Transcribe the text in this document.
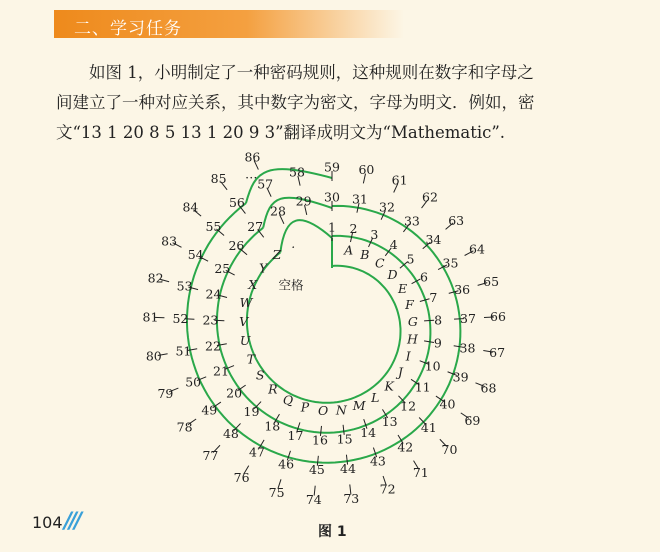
二、学习任务
如图 1，小明制定了一种密码规则，这种规则在数字和字母之
间建立了一种对应关系，其中数字为密文，字母为明文．例如，密
文“13 1 20 8 5 13 1 20 9 3”翻译成明文为“Mathematic”.
1 2 3
4
5
6
7
8
9
10
11
12
13
14
15
16
17
18
19
20
21
22
23
24
25
26
27
28
29 30 31
32
33
34
35
36
37
38
39
40
41
42
43
44
45
46
47
48
49
50
51
52
53
54
55
56
57
58 59 60
61
62
63
64
65
66
67
68
69
70
71
72
73
74
75
76
77
78
79
80
81
82
83
84
85
86
A B
C
D
E
F
G
H
I
J
K
L
M
N
O
P
Q
R
S
T
U
V
W
X
Y
Z
.
空格
…
104 ///	图 1
